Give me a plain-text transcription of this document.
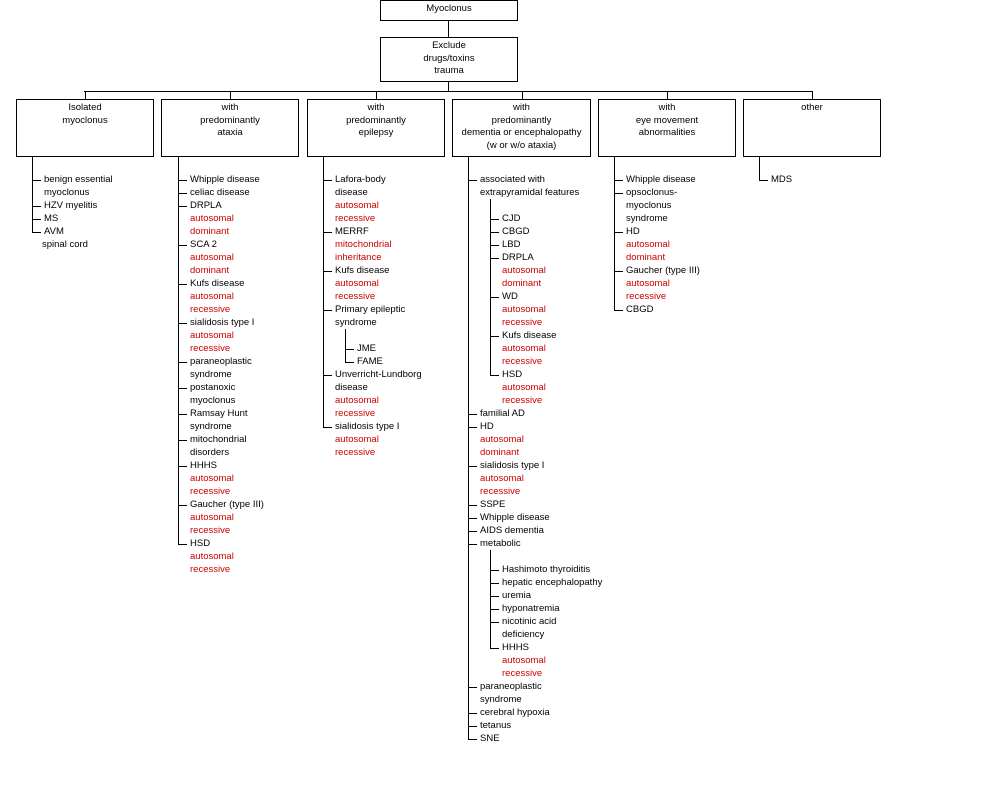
Myoclonus
Exclude
drugs/toxins
trauma
Isolated
myoclonus
with
predominantly
ataxia
with
predominantly
epilepsy
with
predominantly
dementia or encephalopathy
(w or w/o ataxia)
with
eye movement
abnormalities
other
benign essential
myoclonus
HZV myelitis
MS
AVM
spinal cord
Whipple disease
celiac disease
DRPLA
autosomal
dominant
SCA 2
autosomal
dominant
Kufs disease
autosomal
recessive
sialidosis type I
autosomal
recessive
paraneoplastic
syndrome
postanoxic
myoclonus
Ramsay Hunt
syndrome
mitochondrial
disorders
HHHS
autosomal
recessive
Gaucher (type III)
autosomal
recessive
HSD
autosomal
recessive
Lafora-body
disease
autosomal
recessive
MERRF
mitochondrial
inheritance
Kufs disease
autosomal
recessive
Primary epileptic
syndrome
JME
FAME
Unverricht-Lundborg
disease
autosomal
recessive
sialidosis type I
autosomal
recessive
associated with
extrapyramidal features
CJD
CBGD
LBD
DRPLA
autosomal
dominant
WD
autosomal
recessive
Kufs disease
autosomal
recessive
HSD
autosomal
recessive
familial AD
HD
autosomal
dominant
sialidosis type I
autosomal
recessive
SSPE
Whipple disease
AIDS dementia
metabolic
Hashimoto thyroiditis
hepatic encephalopathy
uremia
hyponatremia
nicotinic acid
deficiency
HHHS
autosomal
recessive
paraneoplastic
syndrome
cerebral hypoxia
tetanus
SNE
Whipple disease
opsoclonus-
myoclonus
syndrome
HD
autosomal
dominant
Gaucher (type III)
autosomal
recessive
CBGD
MDS
